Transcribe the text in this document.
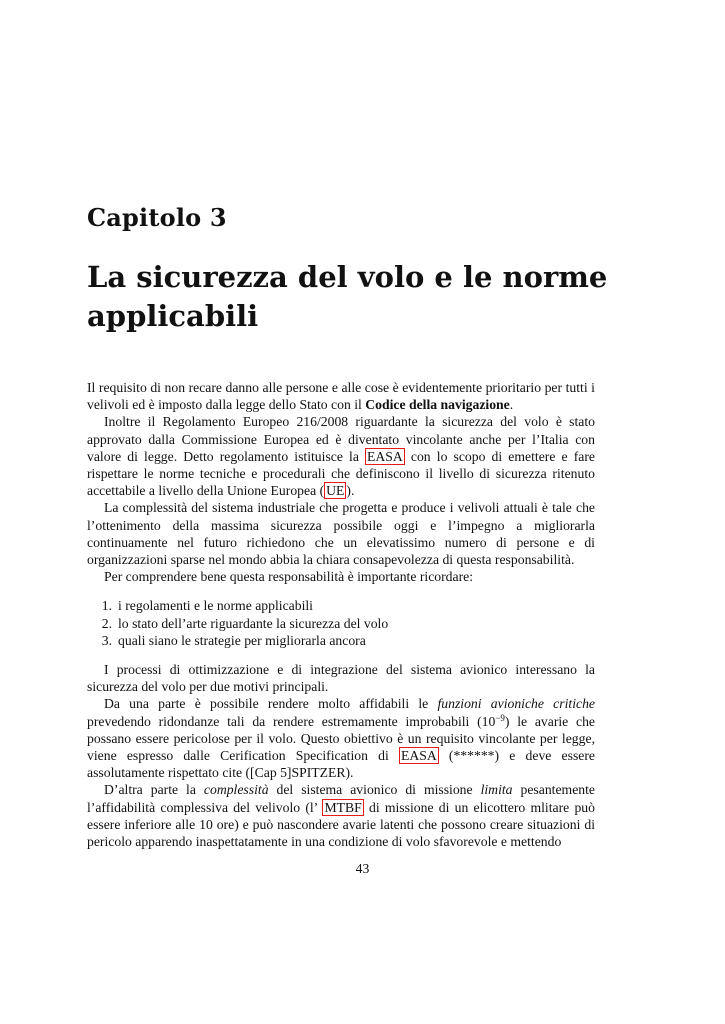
Capitolo 3
La sicurezza del volo e le norme applicabili

Il requisito di non recare danno alle persone e alle cose è evidentemente prioritario per tutti i velivoli ed è imposto dalla legge dello Stato con il Codice della navigazione.

Inoltre il Regolamento Europeo 216/2008 riguardante la sicurezza del volo è stato approvato dalla Commissione Europea ed è diventato vincolante anche per l’Italia con valore di legge. Detto regolamento istituisce la EASA con lo scopo di emettere e fare rispettare le norme tecniche e procedurali che definiscono il livello di sicurezza ritenuto accettabile a livello della Unione Europea ( UE ).

La complessità del sistema industriale che progetta e produce i velivoli attuali è tale che l’ottenimento della massima sicurezza possibile oggi e l’impegno a migliorarla continuamente nel futuro richiedono che un elevatissimo numero di persone e di organizzazioni sparse nel mondo abbia la chiara consapevolezza di questa responsabilità.

Per comprendere bene questa responsabilità è importante ricordare:

1. i regolamenti e le norme applicabili
2. lo stato dell’arte riguardante la sicurezza del volo
3. quali siano le strategie per migliorarla ancora

I processi di ottimizzazione e di integrazione del sistema avionico interessano la sicurezza del volo per due motivi principali.

Da una parte è possibile rendere molto affidabili le funzioni avioniche critiche prevedendo ridondanze tali da rendere estremamente improbabili $(10^{-9})$ le avarie che possano essere pericolose per il volo. Questo obiettivo è un requisito vincolante per legge, viene espresso dalle Cerification Specification di EASA (******) e deve essere assolutamente rispettato cite ([Cap 5]SPITZER).

D’altra parte la complessità del sistema avionico di missione limita pesantemente l’affidabilità complessiva del velivolo (l’ MTBF di missione di un elicottero mlitare può essere inferiore alle 10 ore) e può nascondere avarie latenti che possono creare situazioni di pericolo apparendo inaspettatamente in una condizione di volo sfavorevole e mettendo

43
